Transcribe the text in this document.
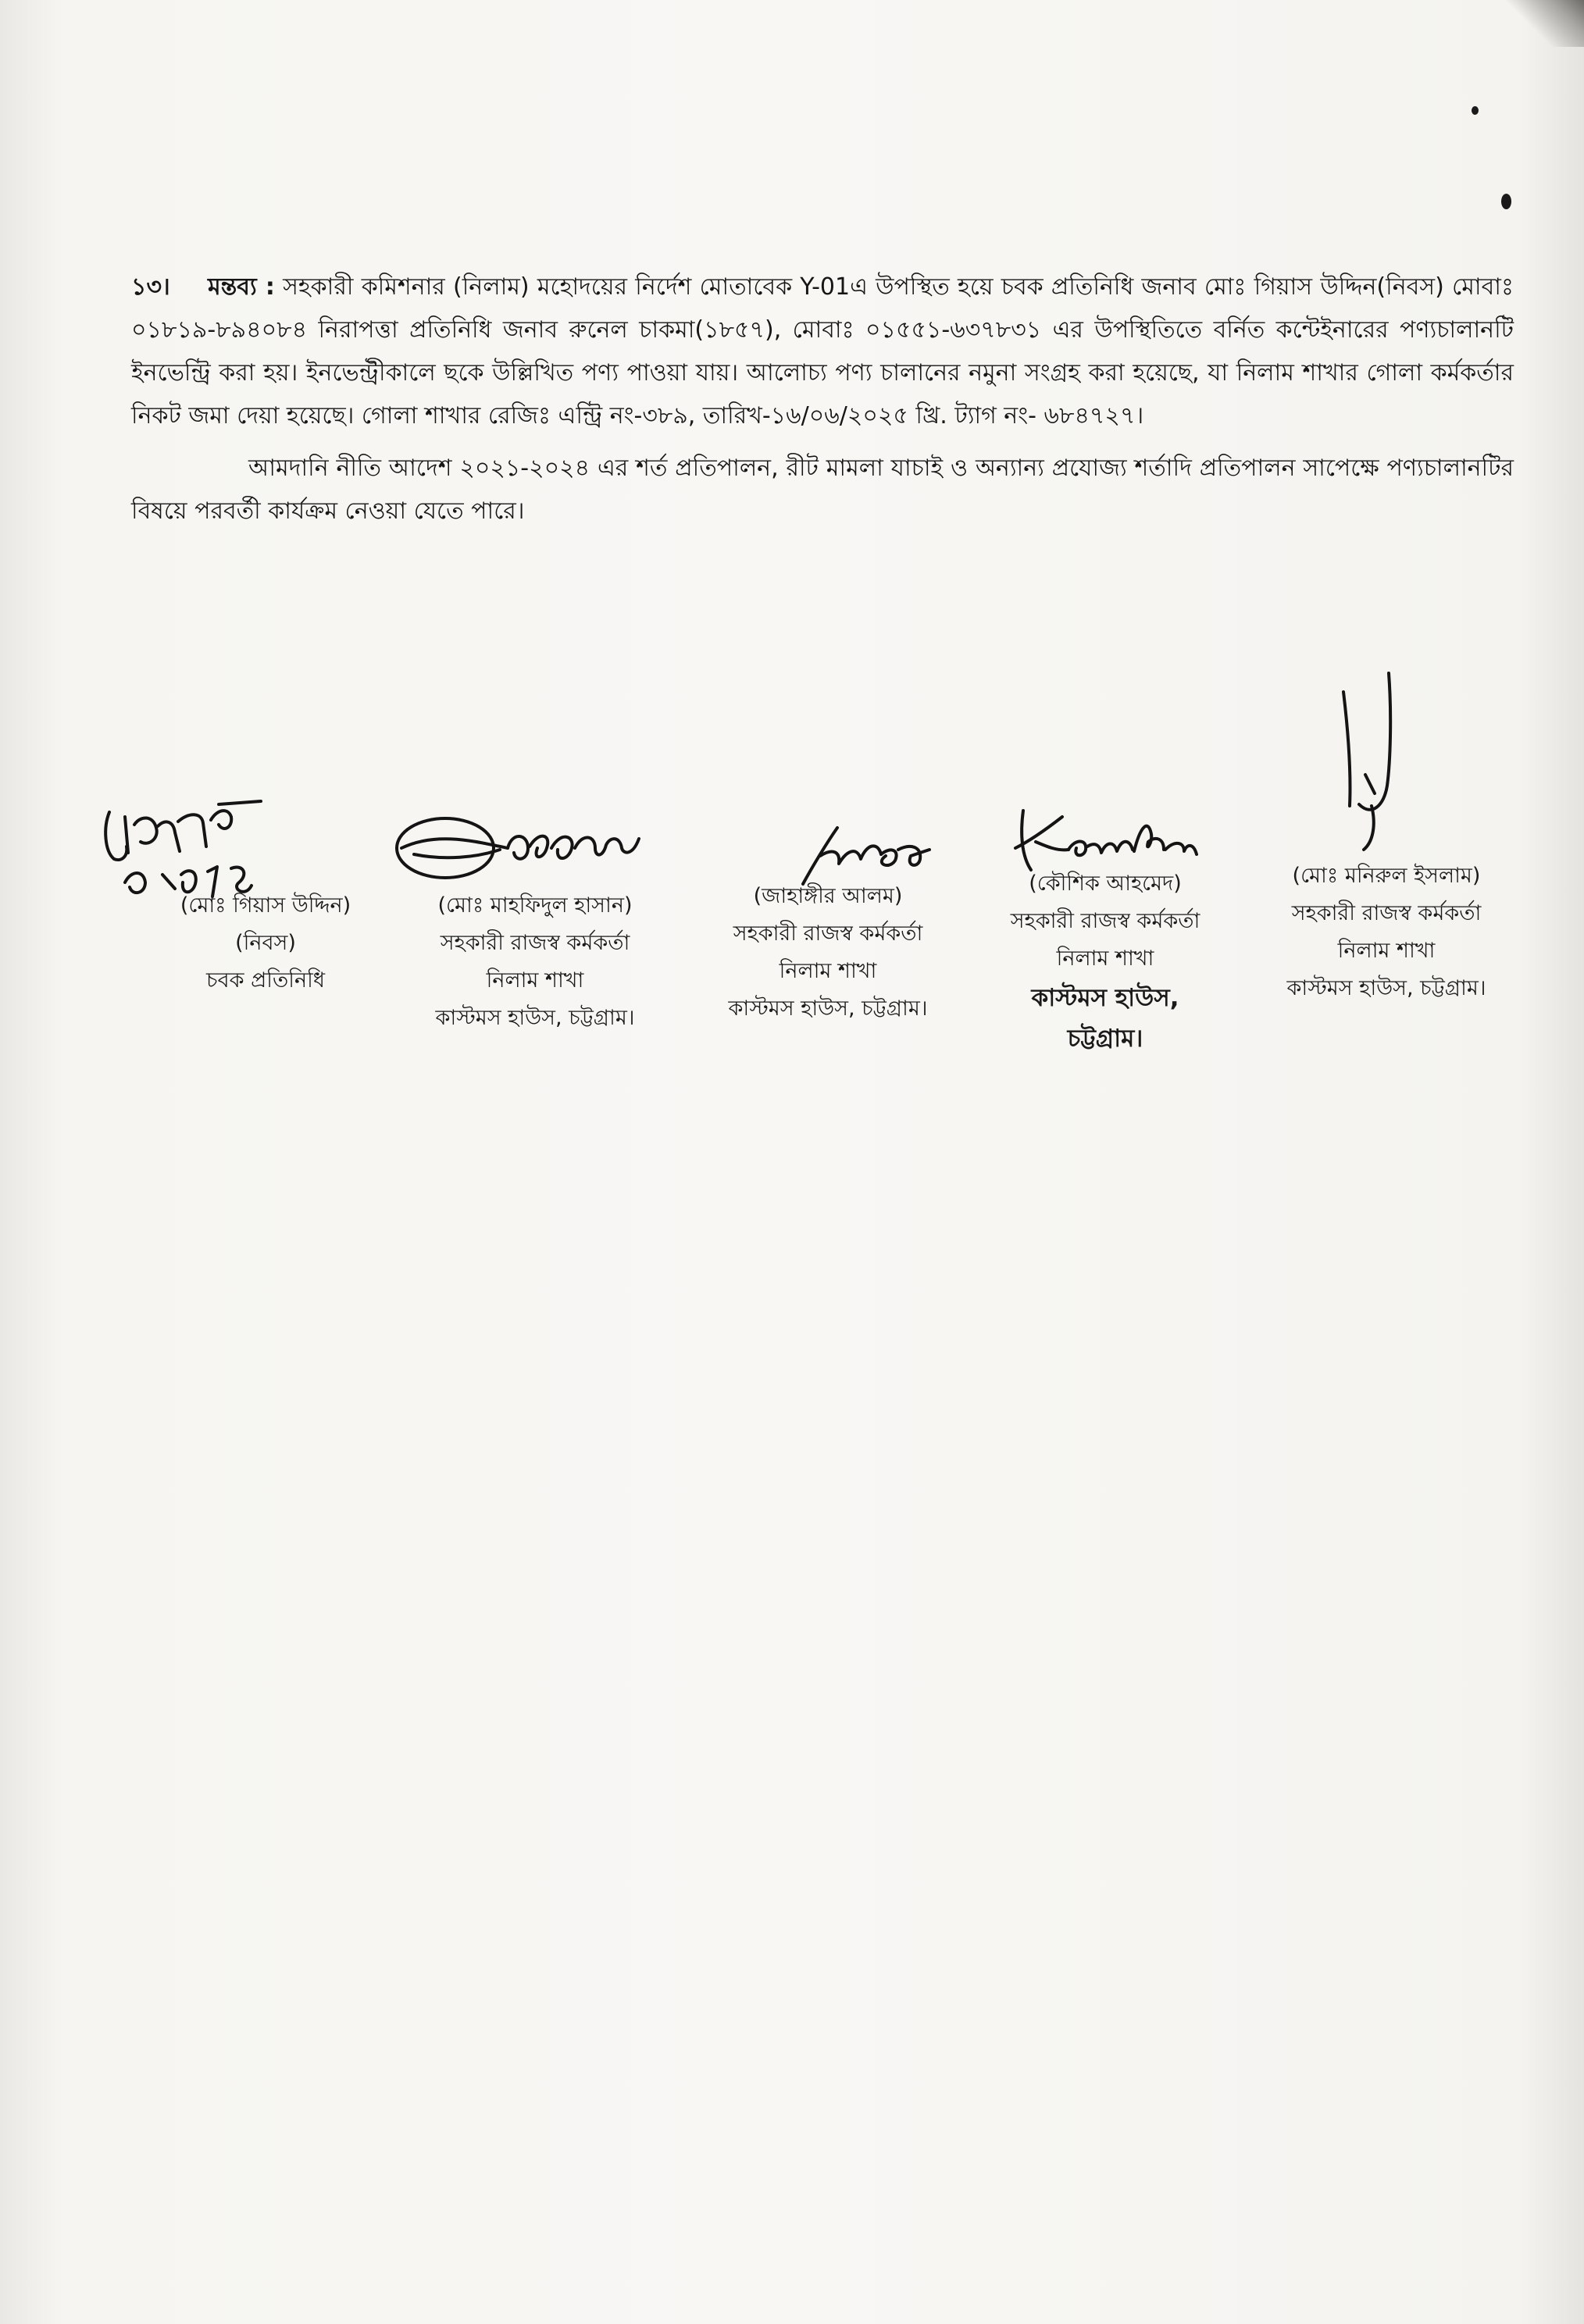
১৩। মন্তব্য : সহকারী কমিশনার (নিলাম) মহোদয়ের নির্দেশ মোতাবেক Y-01এ উপস্থিত হয়ে চবক প্রতিনিধি জনাব মোঃ গিয়াস উদ্দিন(নিবস) মোবাঃ ০১৮১৯-৮৯৪০৮৪ নিরাপত্তা প্রতিনিধি জনাব রুনেল চাকমা(১৮৫৭), মোবাঃ ০১৫৫১-৬৩৭৮৩১ এর উপস্থিতিতে বর্নিত কন্টেইনারের পণ্যচালানটি ইনভেন্ট্রি করা হয়। ইনভেন্ট্রীকালে ছকে উল্লিখিত পণ্য পাওয়া যায়। আলোচ্য পণ্য চালানের নমুনা সংগ্রহ করা হয়েছে, যা নিলাম শাখার গোলা কর্মকর্তার নিকট জমা দেয়া হয়েছে। গোলা শাখার রেজিঃ এন্ট্রি নং-৩৮৯, তারিখ-১৬/০৬/২০২৫ খ্রি. ট্যাগ নং- ৬৮৪৭২৭।

আমদানি নীতি আদেশ ২০২১-২০২৪ এর শর্ত প্রতিপালন, রীট মামলা যাচাই ও অন্যান্য প্রযোজ্য শর্তাদি প্রতিপালন সাপেক্ষে পণ্যচালানটির বিষয়ে পরবর্তী কার্যক্রম নেওয়া যেতে পারে।

(মোঃ গিয়াস উদ্দিন)
(নিবস)
চবক প্রতিনিধি
(মোঃ মাহফিদুল হাসান)
সহকারী রাজস্ব কর্মকর্তা
নিলাম শাখা
কাস্টমস হাউস, চট্টগ্রাম।
(জাহাঙ্গীর আলম)
সহকারী রাজস্ব কর্মকর্তা
নিলাম শাখা
কাস্টমস হাউস, চট্টগ্রাম।
(কৌশিক আহমেদ)
সহকারী রাজস্ব কর্মকর্তা
নিলাম শাখা
কাস্টমস হাউস,
চট্টগ্রাম।
(মোঃ মনিরুল ইসলাম)
সহকারী রাজস্ব কর্মকর্তা
নিলাম শাখা
কাস্টমস হাউস, চট্টগ্রাম।
